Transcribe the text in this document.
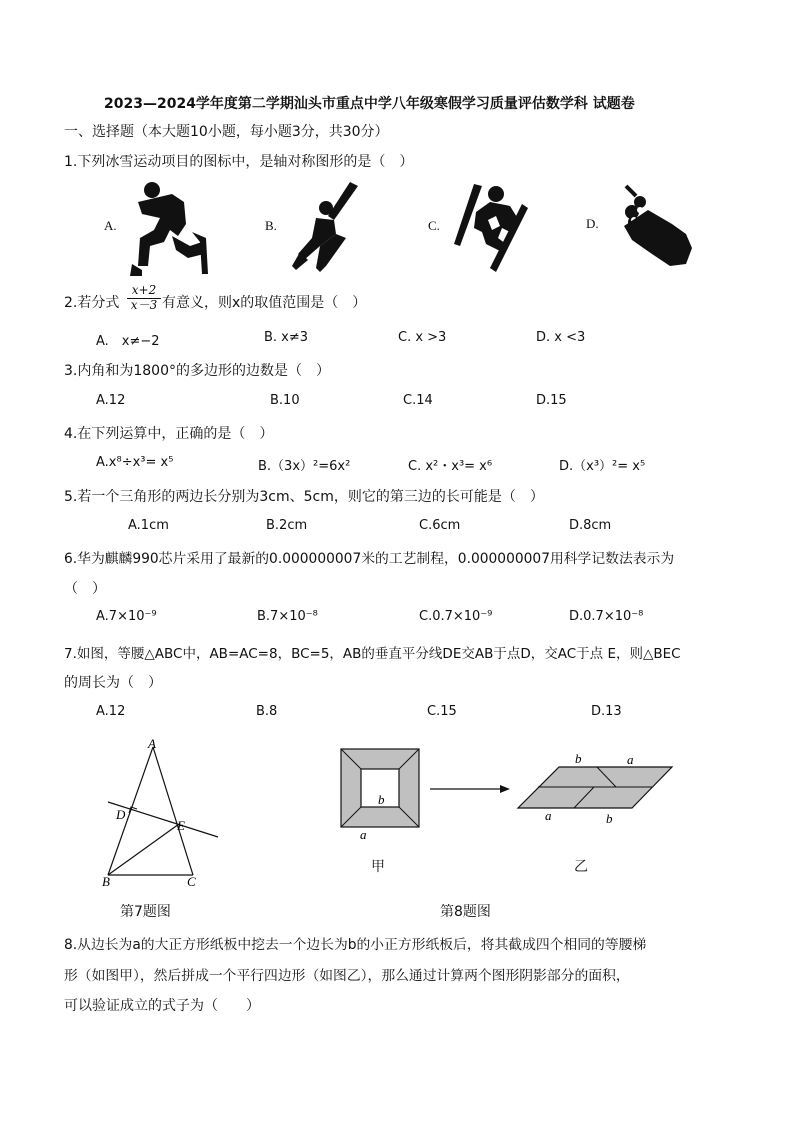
2023—2024学年度第二学期汕头市重点中学八年级寒假学习质量评估数学科 试题卷
一、选择题（本大题10小题，每小题3分，共30分）
1.下列冰雪运动项目的图标中，是轴对称图形的是（　）
A.	B.	C.	D.
2.若分式 $\frac{x+2}{x-3}$ 有意义，则x的取值范围是（　）
A.　x≠−2	B. x≠3	C. x >3	D. x <3
3.内角和为1800°的多边形的边数是（　）
A.12	B.10	C.14	D.15
4.在下列运算中，正确的是（　）
A.x⁸÷x³= x⁵	B.（3x）²=6x²	C. x²・x³= x⁶	D.（x³）²= x⁵
5.若一个三角形的两边长分别为3cm、5cm，则它的第三边的长可能是（　）
A.1cm	B.2cm	C.6cm	D.8cm
6.华为麒麟990芯片采用了最新的0.000000007米的工艺制程，0.000000007用科学记数法表示为
（　）
A.7×10⁻⁹	B.7×10⁻⁸	C.0.7×10⁻⁹	D.0.7×10⁻⁸
7.如图，等腰△ABC中，AB=AC=8，BC=5，AB的垂直平分线DE交AB于点D，交AC于点 E，则△BEC
的周长为（　）
A.12	B.8	C.15	D.13
A
D
E
B	C
第7题图
b
a
甲
b	a
a	b
乙
第8题图
8.从边长为a的大正方形纸板中挖去一个边长为b的小正方形纸板后，将其截成四个相同的等腰梯
形（如图甲），然后拼成一个平行四边形（如图乙），那么通过计算两个图形阴影部分的面积，
可以验证成立的式子为（　　）
